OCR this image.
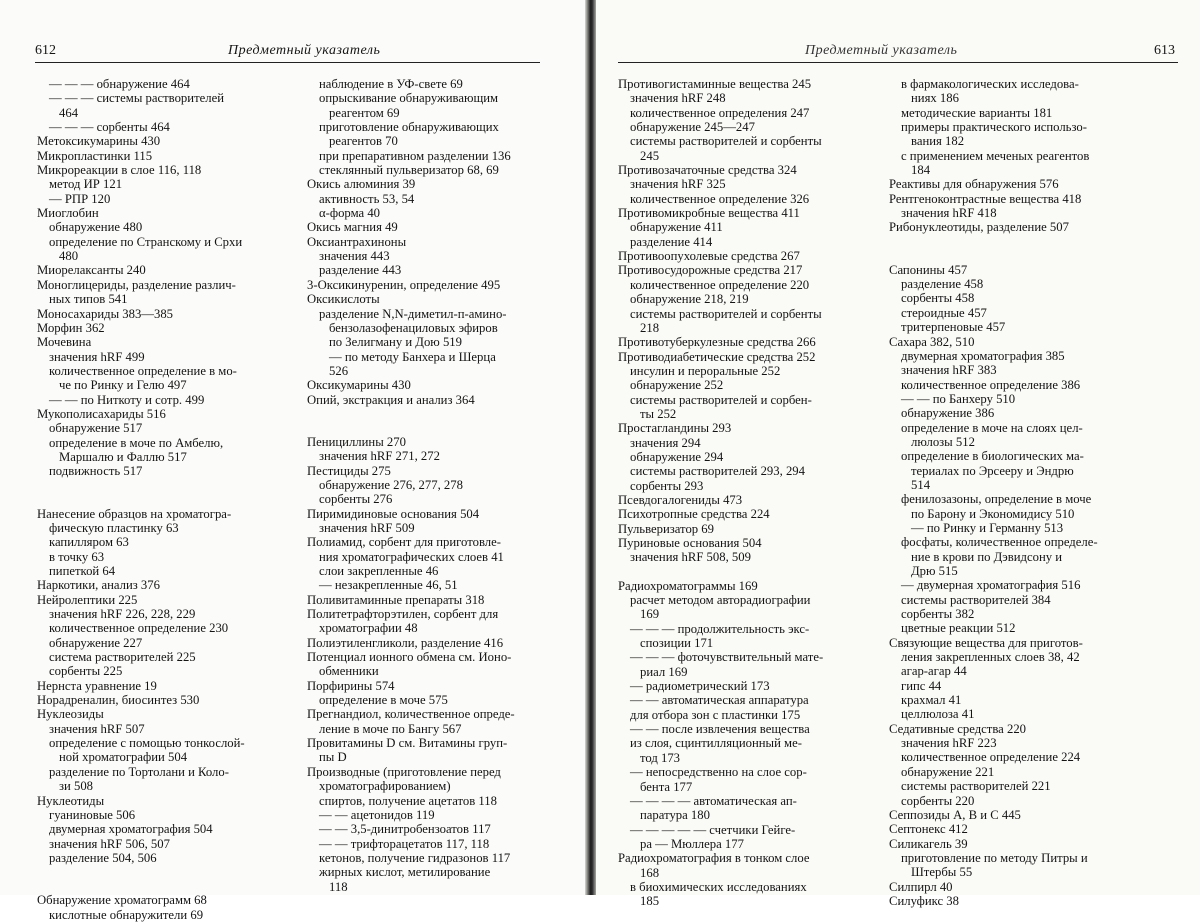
612	Предметный указатель
— — — обнаружение 464
— — — системы растворителей
464
— — — сорбенты 464
Метоксикумарины 430
Микропластинки 115
Микрореакции в слое 116, 118
метод ИР 121
— РПР 120
Миоглобин
обнаружение 480
определение по Странскому и Срхи
480
Миорелаксанты 240
Моноглицериды, разделение различ-
ных типов 541
Моносахариды 383—385
Морфин 362
Мочевина
значения hRF 499
количественное определение в мо-
че по Ринку и Гелю 497
— — по Ниткоту и сотр. 499
Мукополисахариды 516
обнаружение 517
определение в моче по Амбелю,
Маршалю и Фаллю 517
подвижность 517
Нанесение образцов на хроматогра-
фическую пластинку 63
капилляром 63
в точку 63
пипеткой 64
Наркотики, анализ 376
Нейролептики 225
значения hRF 226, 228, 229
количественное определение 230
обнаружение 227
система растворителей 225
сорбенты 225
Нернста уравнение 19
Норадреналин, биосинтез 530
Нуклеозиды
значения hRF 507
определение с помощью тонкослой-
ной хроматографии 504
разделение по Тортолани и Коло-
зи 508
Нуклеотиды
гуаниновые 506
двумерная хроматография 504
значения hRF 506, 507
разделение 504, 506
Обнаружение хроматограмм 68
кислотные обнаружители 69
наблюдение в УФ-свете 69
опрыскивание обнаруживающим
реагентом 69
приготовление обнаруживающих
реагентов 70
при препаративном разделении 136
стеклянный пульверизатор 68, 69
Окись алюминия 39
активность 53, 54
α-форма 40
Окись магния 49
Оксиантрахиноны
значения 443
разделение 443
3-Оксикинуренин, определение 495
Оксикислоты
разделение N,N-диметил-п-амино-
бензолазофенациловых эфиров
по Зелигману и Дою 519
— по методу Банхера и Шерца
526
Оксикумарины 430
Опий, экстракция и анализ 364
Пенициллины 270
значения hRF 271, 272
Пестициды 275
обнаружение 276, 277, 278
сорбенты 276
Пиримидиновые основания 504
значения hRF 509
Полиамид, сорбент для приготовле-
ния хроматографических слоев 41
слои закрепленные 46
— незакрепленные 46, 51
Поливитаминные препараты 318
Политетрафторэтилен, сорбент для
хроматографии 48
Полиэтиленгликоли, разделение 416
Потенциал ионного обмена см. Ионо-
обменники
Порфирины 574
определение в моче 575
Прегнандиол, количественное опреде-
ление в моче по Бангу 567
Провитамины D см. Витамины груп-
пы D
Производные (приготовление перед
хроматографированием)
спиртов, получение ацетатов 118
— — ацетонидов 119
— — 3,5-динитробензоатов 117
— — трифторацетатов 117, 118
кетонов, получение гидразонов 117
жирных кислот, метилирование
118
Предметный указатель	613
Противогистаминные вещества 245
значения hRF 248
количественное определения 247
обнаружение 245—247
системы растворителей и сорбенты
245
Противозачаточные средства 324
значения hRF 325
количественное определение 326
Противомикробные вещества 411
обнаружение 411
разделение 414
Противоопухолевые средства 267
Противосудорожные средства 217
количественное определение 220
обнаружение 218, 219
системы растворителей и сорбенты
218
Противотуберкулезные средства 266
Противодиабетические средства 252
инсулин и пероральные 252
обнаружение 252
системы растворителей и сорбен-
ты 252
Простагландины 293
значения 294
обнаружение 294
системы растворителей 293, 294
сорбенты 293
Псевдогалогениды 473
Психотропные средства 224
Пульверизатор 69
Пуриновые основания 504
значения hRF 508, 509
Радиохроматограммы 169
расчет методом авторадиографии
169
— — — продолжительность экс-
спозиции 171
— — — фоточувствительный мате-
риал 169
— радиометрический 173
— — автоматическая аппаратура
для отбора зон с пластинки 175
— — после извлечения вещества
из слоя, сцинтилляционный ме-
тод 173
— непосредственно на слое сор-
бента 177
— — — — автоматическая ап-
паратура 180
— — — — — счетчики Гейге-
ра — Мюллера 177
Радиохроматография в тонком слое
168
в биохимических исследованиях
185
в фармакологических исследова-
ниях 186
методические варианты 181
примеры практического использо-
вания 182
с применением меченых реагентов
184
Реактивы для обнаружения 576
Рентгеноконтрастные вещества 418
значения hRF 418
Рибонуклеотиды, разделение 507
Сапонины 457
разделение 458
сорбенты 458
стероидные 457
тритерпеновые 457
Сахара 382, 510
двумерная хроматография 385
значения hRF 383
количественное определение 386
— — по Банхеру 510
обнаружение 386
определение в моче на слоях цел-
люлозы 512
определение в биологических ма-
териалах по Эрсееру и Эндрю
514
фенилозазоны, определение в моче
по Барону и Экономидису 510
— по Ринку и Германну 513
фосфаты, количественное определе-
ние в крови по Дэвидсону и
Дрю 515
— двумерная хроматография 516
системы растворителей 384
сорбенты 382
цветные реакции 512
Связующие вещества для приготов-
ления закрепленных слоев 38, 42
агар-агар 44
гипс 44
крахмал 41
целлюлоза 41
Седативные средства 220
значения hRF 223
количественное определение 224
обнаружение 221
системы растворителей 221
сорбенты 220
Сеппозиды А, В и С 445
Септонекс 412
Силикагель 39
приготовление по методу Питры и
Штербы 55
Силпирл 40
Силуфикс 38
